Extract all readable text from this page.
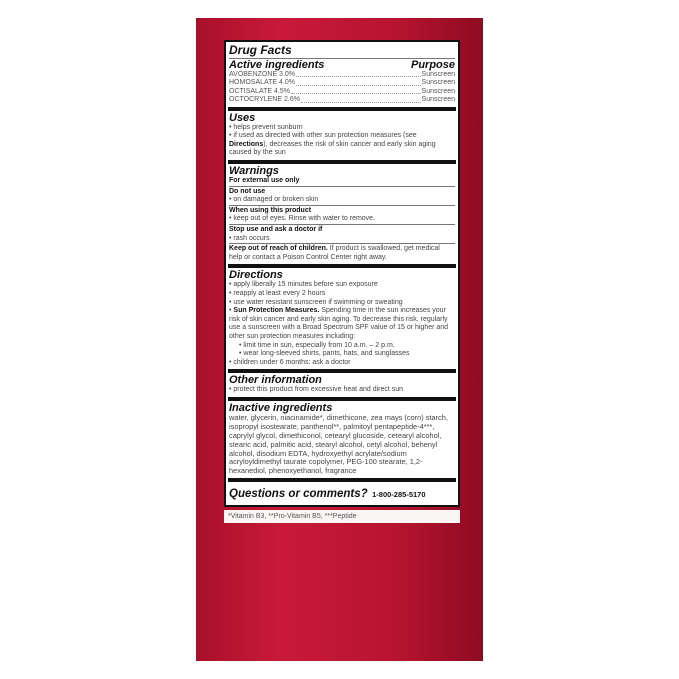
Drug Facts
Active ingredients	Purpose
AVOBENZONE 3.0%	Sunscreen
HOMOSALATE 4.0%	Sunscreen
OCTISALATE 4.5%	Sunscreen
OCTOCRYLENE 2.6%	Sunscreen
Uses
• helps prevent sunburn
• if used as directed with other sun protection measures (see Directions), decreases the risk of skin cancer and early skin aging caused by the sun
Warnings
For external use only
Do not use
• on damaged or broken skin
When using this product
• keep out of eyes. Rinse with water to remove.
Stop use and ask a doctor if
• rash occurs
Keep out of reach of children. If product is swallowed, get medical help or contact a Poison Control Center right away.
Directions
• apply liberally 15 minutes before sun exposure
• reapply at least every 2 hours
• use water resistant sunscreen if swimming or sweating
• Sun Protection Measures. Spending time in the sun increases your risk of skin cancer and early skin aging. To decrease this risk, regularly use a sunscreen with a Broad Spectrum SPF value of 15 or higher and other sun protection measures including:
• limit time in sun, especially from 10 a.m. – 2 p.m.
• wear long-sleeved shirts, pants, hats, and sunglasses
• children under 6 months: ask a doctor
Other information
• protect this product from excessive heat and direct sun
Inactive ingredients
water, glycerin, niacinamide*, dimethicone, zea mays (corn) starch, isopropyl isostearate, panthenol**, palmitoyl pentapeptide-4***, caprylyl glycol, dimethiconol, cetearyl glucoside, cetearyl alcohol, stearic acid, palmitic acid, stearyl alcohol, cetyl alcohol, behenyl alcohol, disodium EDTA, hydroxyethyl acrylate/sodium acryloyldimethyl taurate copolymer, PEG-100 stearate, 1,2-hexanediol, phenoxyethanol, fragrance
Questions or comments? 1-800-285-5170
*Vitamin B3, **Pro-Vitamin B5, ***Peptide
